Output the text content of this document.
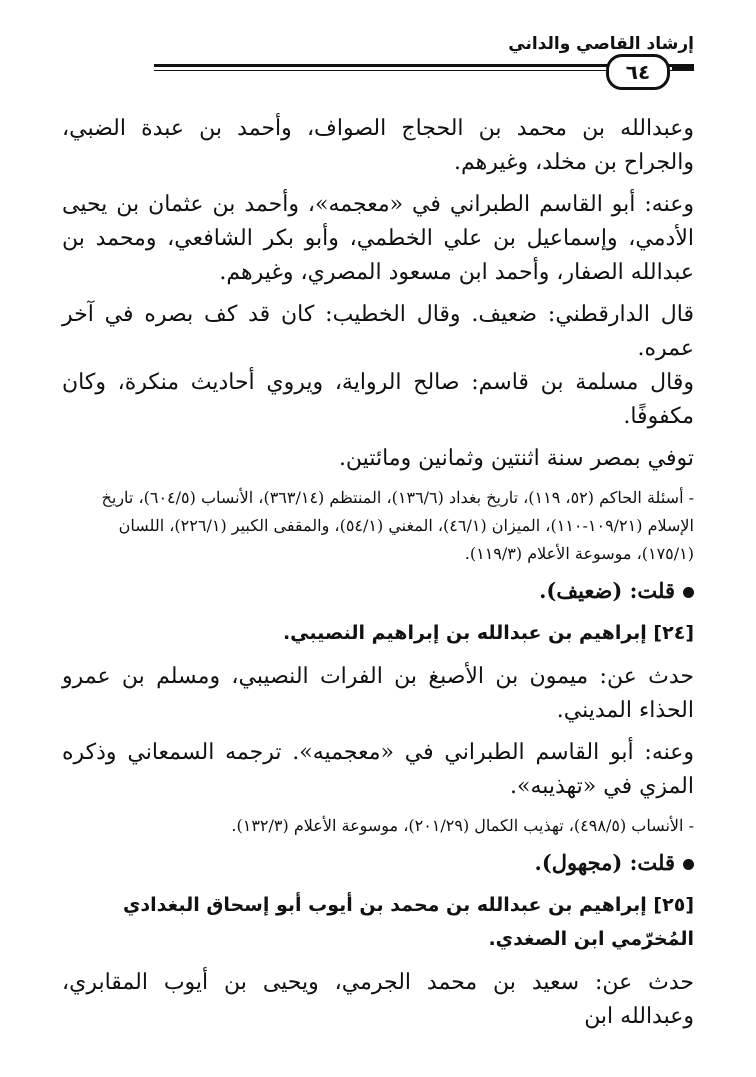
إرشاد القاصي والداني
٦٤

وعبدالله بن محمد بن الحجاج الصواف، وأحمد بن عبدة الضبي، والجراح بن مخلد، وغيرهم.

وعنه: أبو القاسم الطبراني في «معجمه»، وأحمد بن عثمان بن يحيى الأدمي، وإسماعيل بن علي الخطمي، وأبو بكر الشافعي، ومحمد بن عبدالله الصفار، وأحمد ابن مسعود المصري، وغيرهم.

قال الدارقطني: ضعيف. وقال الخطيب: كان قد كف بصره في آخر عمره.

وقال مسلمة بن قاسم: صالح الرواية، ويروي أحاديث منكرة، وكان مكفوفًا.

توفي بمصر سنة اثنتين وثمانين ومائتين.

- أسئلة الحاكم (٥٢، ١١٩)، تاريخ بغداد (١٣٦/٦)، المنتظم (٣٦٣/١٤)، الأنساب (٦٠٤/٥)، تاريخ الإسلام (١٠٩/٢١-١١٠)، الميزان (٤٦/١)، المغني (٥٤/١)، والمقفى الكبير (٢٢٦/١)، اللسان (١٧٥/١)، موسوعة الأعلام (١١٩/٣).

قلت: (ضعيف).

[٢٤] إبراهيم بن عبدالله بن إبراهيم النصيبي.

حدث عن: ميمون بن الأصبغ بن الفرات النصيبي، ومسلم بن عمرو الحذاء المديني.

وعنه: أبو القاسم الطبراني في «معجميه». ترجمه السمعاني وذكره المزي في «تهذيبه».

- الأنساب (٤٩٨/٥)، تهذيب الكمال (٢٠١/٢٩)، موسوعة الأعلام (١٣٢/٣).

قلت: (مجهول).

[٢٥] إبراهيم بن عبدالله بن محمد بن أيوب أبو إسحاق البغدادي المُخرّمي ابن الصغدي.

حدث عن: سعيد بن محمد الجرمي، ويحيى بن أيوب المقابري، وعبدالله ابن
